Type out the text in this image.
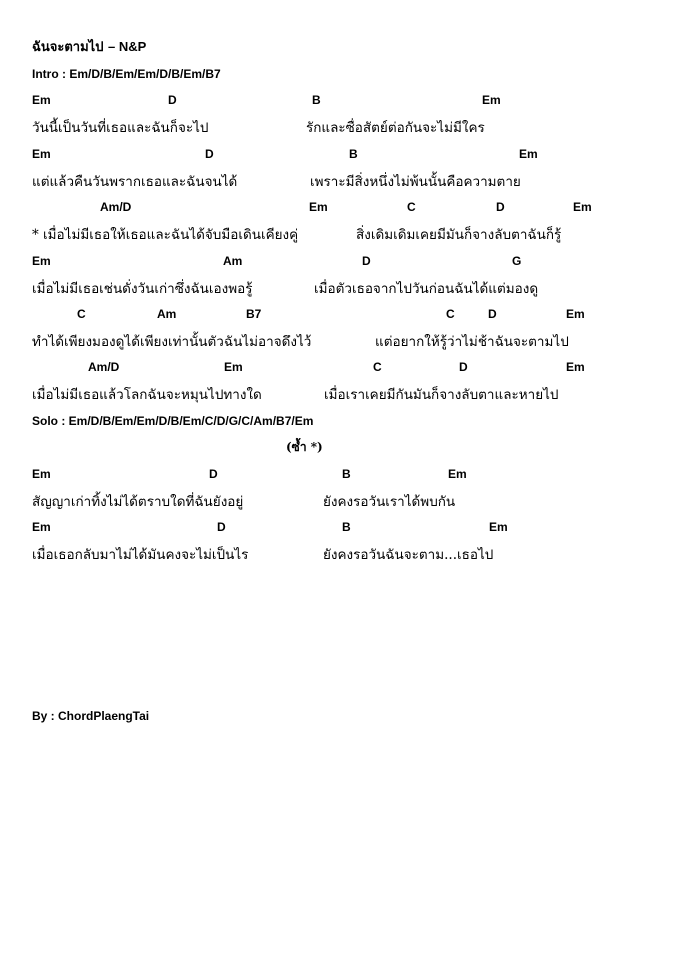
ฉันจะตามไป – N&P
Intro : Em/D/B/Em/Em/D/B/Em/B7
Em	D	B	Em
วันนี้เป็นวันที่เธอและฉันก็จะไป	รักและซื่อสัตย์ต่อกันจะไม่มีใคร
Em	D	B	Em
แต่แล้วคืนวันพรากเธอและฉันจนได้	เพราะมีสิ่งหนึ่งไม่พ้นนั้นคือความตาย
Am/D	Em	C	D	Em
* เมื่อไม่มีเธอให้เธอและฉันได้จับมือเดินเคียงคู่	สิ่งเดิมเดิมเคยมีมันก็จางลับตาฉันก็รู้
Em	Am	D	G
เมื่อไม่มีเธอเช่นดั่งวันเก่าซึ่งฉันเองพอรู้	เมื่อตัวเธอจากไปวันก่อนฉันได้แต่มองดู
C	Am	B7	C	D	Em
ทำได้เพียงมองดูได้เพียงเท่านั้นตัวฉันไม่อาจดึงไว้	แต่อยากให้รู้ว่าไม่ช้าฉันจะตามไป
Am/D	Em	C	D	Em
เมื่อไม่มีเธอแล้วโลกฉันจะหมุนไปทางใด	เมื่อเราเคยมีกันมันก็จางลับตาและหายไป
Solo : Em/D/B/Em/Em/D/B/Em/C/D/G/C/Am/B7/Em
(ซ้ำ *)
Em	D	B	Em
สัญญาเก่าทิ้งไม่ได้ตราบใดที่ฉันยังอยู่	ยังคงรอวันเราได้พบกัน
Em	D	B	Em
เมื่อเธอกลับมาไม่ได้มันคงจะไม่เป็นไร	ยังคงรอวันฉันจะตาม...เธอไป
By : ChordPlaengTai
